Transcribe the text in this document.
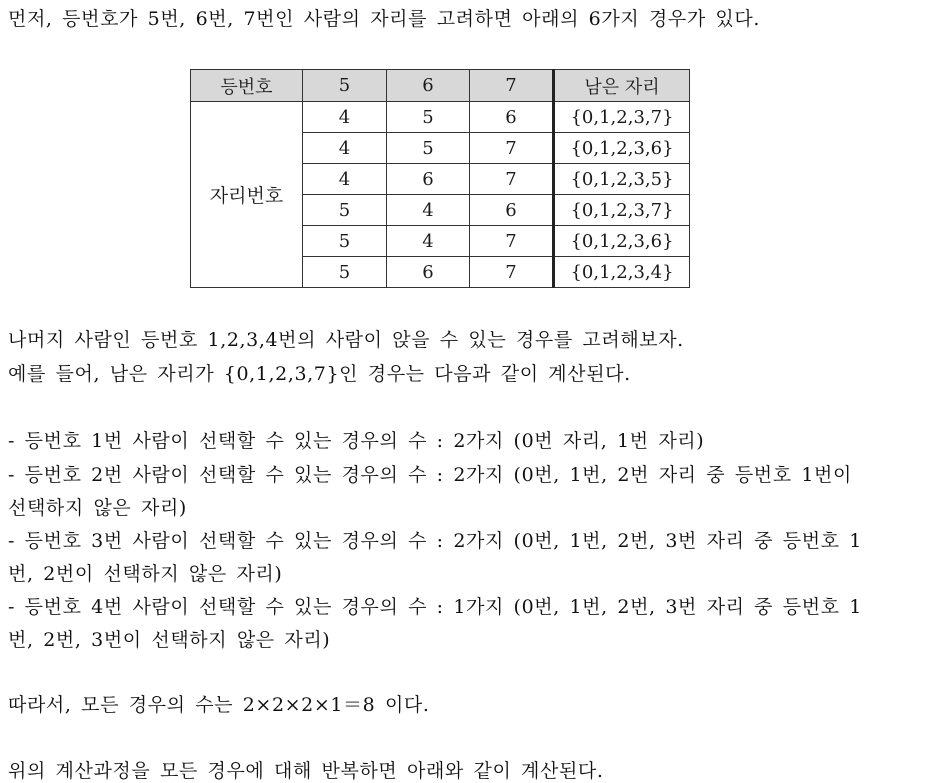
먼저, 등번호가 5번, 6번, 7번인 사람의 자리를 고려하면 아래의 6가지 경우가 있다.
등번호	5	6	7	남은 자리
자리번호	4	5	6	{0,1,2,3,7}
	4	5	7	{0,1,2,3,6}
	4	6	7	{0,1,2,3,5}
	5	4	6	{0,1,2,3,7}
	5	4	7	{0,1,2,3,6}
	5	6	7	{0,1,2,3,4}
나머지 사람인 등번호 1,2,3,4번의 사람이 앉을 수 있는 경우를 고려해보자.
예를 들어, 남은 자리가 {0,1,2,3,7}인 경우는 다음과 같이 계산된다.
- 등번호 1번 사람이 선택할 수 있는 경우의 수 : 2가지 (0번 자리, 1번 자리)
- 등번호 2번 사람이 선택할 수 있는 경우의 수 : 2가지 (0번, 1번, 2번 자리 중 등번호 1번이
선택하지 않은 자리)
- 등번호 3번 사람이 선택할 수 있는 경우의 수 : 2가지 (0번, 1번, 2번, 3번 자리 중 등번호 1
번, 2번이 선택하지 않은 자리)
- 등번호 4번 사람이 선택할 수 있는 경우의 수 : 1가지 (0번, 1번, 2번, 3번 자리 중 등번호 1
번, 2번, 3번이 선택하지 않은 자리)
따라서, 모든 경우의 수는 2×2×2×1＝8 이다.
위의 계산과정을 모든 경우에 대해 반복하면 아래와 같이 계산된다.
